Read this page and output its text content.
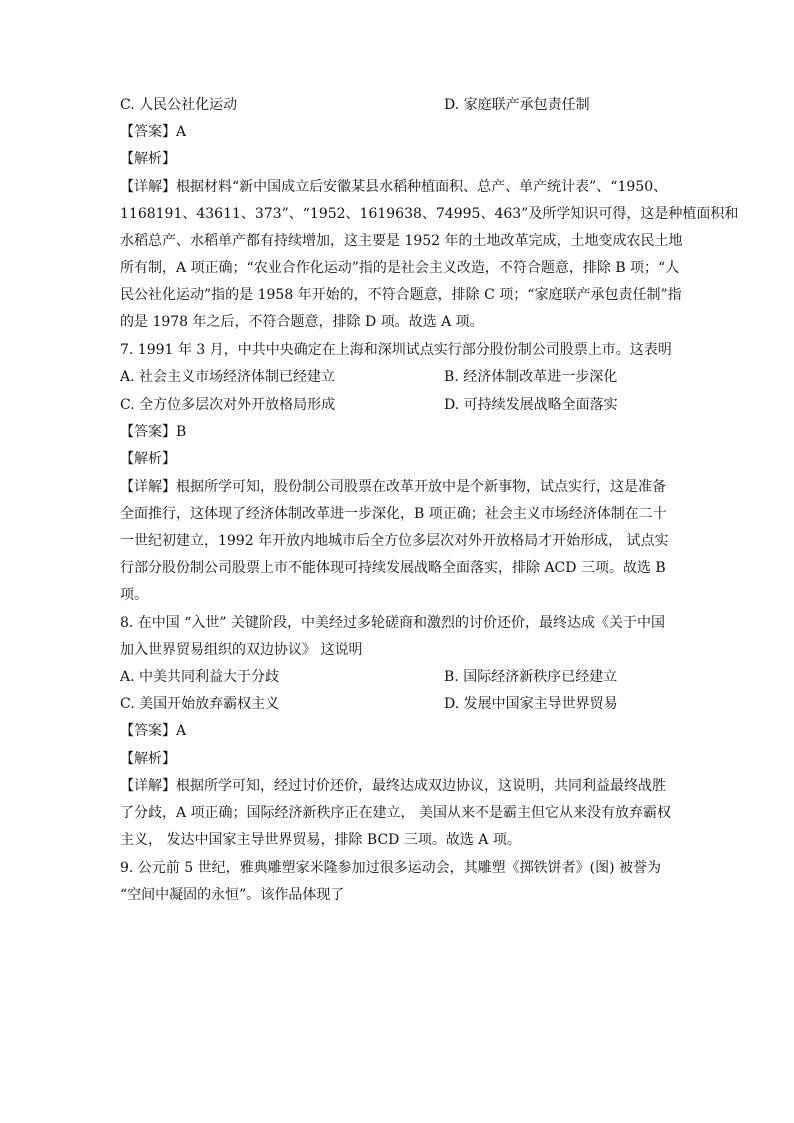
C. 人民公社化运动	D. 家庭联产承包责任制
【答案】A
【解析】
【详解】根据材料“新中国成立后安徽某县水稻种植面积、总产、单产统计表”、“1950、
1168191、43611、373”、“1952、1619638、74995、463”及所学知识可得，这是种植面积和
水稻总产、水稻单产都有持续增加，这主要是 1952 年的土地改革完成，土地变成农民土地
所有制，A 项正确；“农业合作化运动”指的是社会主义改造，不符合题意，排除 B 项；“人
民公社化运动”指的是 1958 年开始的，不符合题意，排除 C 项；“家庭联产承包责任制”指
的是 1978 年之后，不符合题意，排除 D 项。故选 A 项。
7. 1991 年 3 月，中共中央确定在上海和深圳试点实行部分股份制公司股票上市。这表明
A. 社会主义市场经济体制已经建立	B. 经济体制改革进一步深化
C. 全方位多层次对外开放格局形成	D. 可持续发展战略全面落实
【答案】B
【解析】
【详解】根据所学可知，股份制公司股票在改革开放中是个新事物，试点实行，这是准备
全面推行，这体现了经济体制改革进一步深化，B 项正确；社会主义市场经济体制在二十
一世纪初建立，1992 年开放内地城市后全方位多层次对外开放格局才开始形成， 试点实
行部分股份制公司股票上市不能体现可持续发展战略全面落实，排除 ACD 三项。故选 B
项。
8. 在中国 “入世” 关键阶段，中美经过多轮磋商和激烈的讨价还价，最终达成《关于中国
加入世界贸易组织的双边协议》 这说明
A. 中美共同利益大于分歧	B. 国际经济新秩序已经建立
C. 美国开始放弃霸权主义	D. 发展中国家主导世界贸易
【答案】A
【解析】
【详解】根据所学可知，经过讨价还价，最终达成双边协议，这说明，共同利益最终战胜
了分歧，A 项正确；国际经济新秩序正在建立， 美国从来不是霸主但它从来没有放弃霸权
主义， 发达中国家主导世界贸易，排除 BCD 三项。故选 A 项。
9. 公元前 5 世纪，雅典雕塑家米隆参加过很多运动会，其雕塑《掷铁饼者》(图) 被誉为
“空间中凝固的永恒”。该作品体现了
